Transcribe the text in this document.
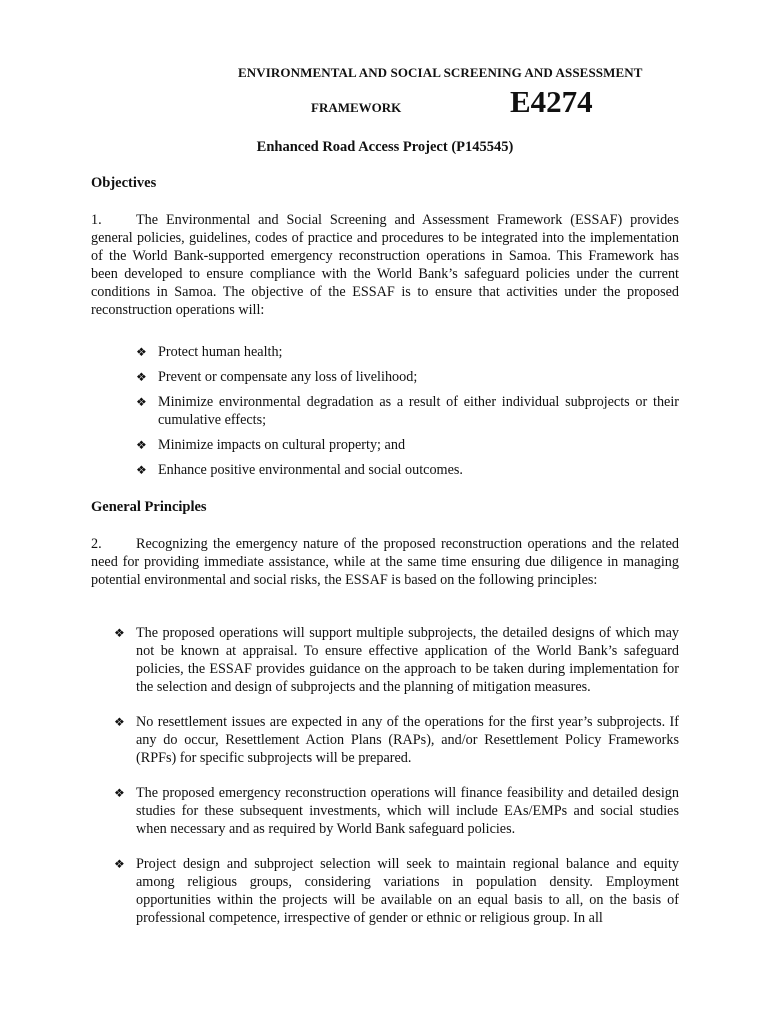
ENVIRONMENTAL AND SOCIAL SCREENING AND ASSESSMENT
FRAMEWORK	E4274
Enhanced Road Access Project (P145545)
Objectives

1. The Environmental and Social Screening and Assessment Framework (ESSAF) provides general policies, guidelines, codes of practice and procedures to be integrated into the implementation of the World Bank-supported emergency reconstruction operations in Samoa. This Framework has been developed to ensure compliance with the World Bank’s safeguard policies under the current conditions in Samoa. The objective of the ESSAF is to ensure that activities under the proposed reconstruction operations will:

❖ Protect human health;
❖ Prevent or compensate any loss of livelihood;
❖ Minimize environmental degradation as a result of either individual subprojects or their cumulative effects;
❖ Minimize impacts on cultural property; and
❖ Enhance positive environmental and social outcomes.
General Principles

2. Recognizing the emergency nature of the proposed reconstruction operations and the related need for providing immediate assistance, while at the same time ensuring due diligence in managing potential environmental and social risks, the ESSAF is based on the following principles:

❖ The proposed operations will support multiple subprojects, the detailed designs of which may not be known at appraisal. To ensure effective application of the World Bank’s safeguard policies, the ESSAF provides guidance on the approach to be taken during implementation for the selection and design of subprojects and the planning of mitigation measures.
❖ No resettlement issues are expected in any of the operations for the first year’s subprojects. If any do occur, Resettlement Action Plans (RAPs), and/or Resettlement Policy Frameworks (RPFs) for specific subprojects will be prepared.
❖ The proposed emergency reconstruction operations will finance feasibility and detailed design studies for these subsequent investments, which will include EAs/EMPs and social studies when necessary and as required by World Bank safeguard policies.
❖ Project design and subproject selection will seek to maintain regional balance and equity among religious groups, considering variations in population density. Employment opportunities within the projects will be available on an equal basis to all, on the basis of professional competence, irrespective of gender or ethnic or religious group. In all
